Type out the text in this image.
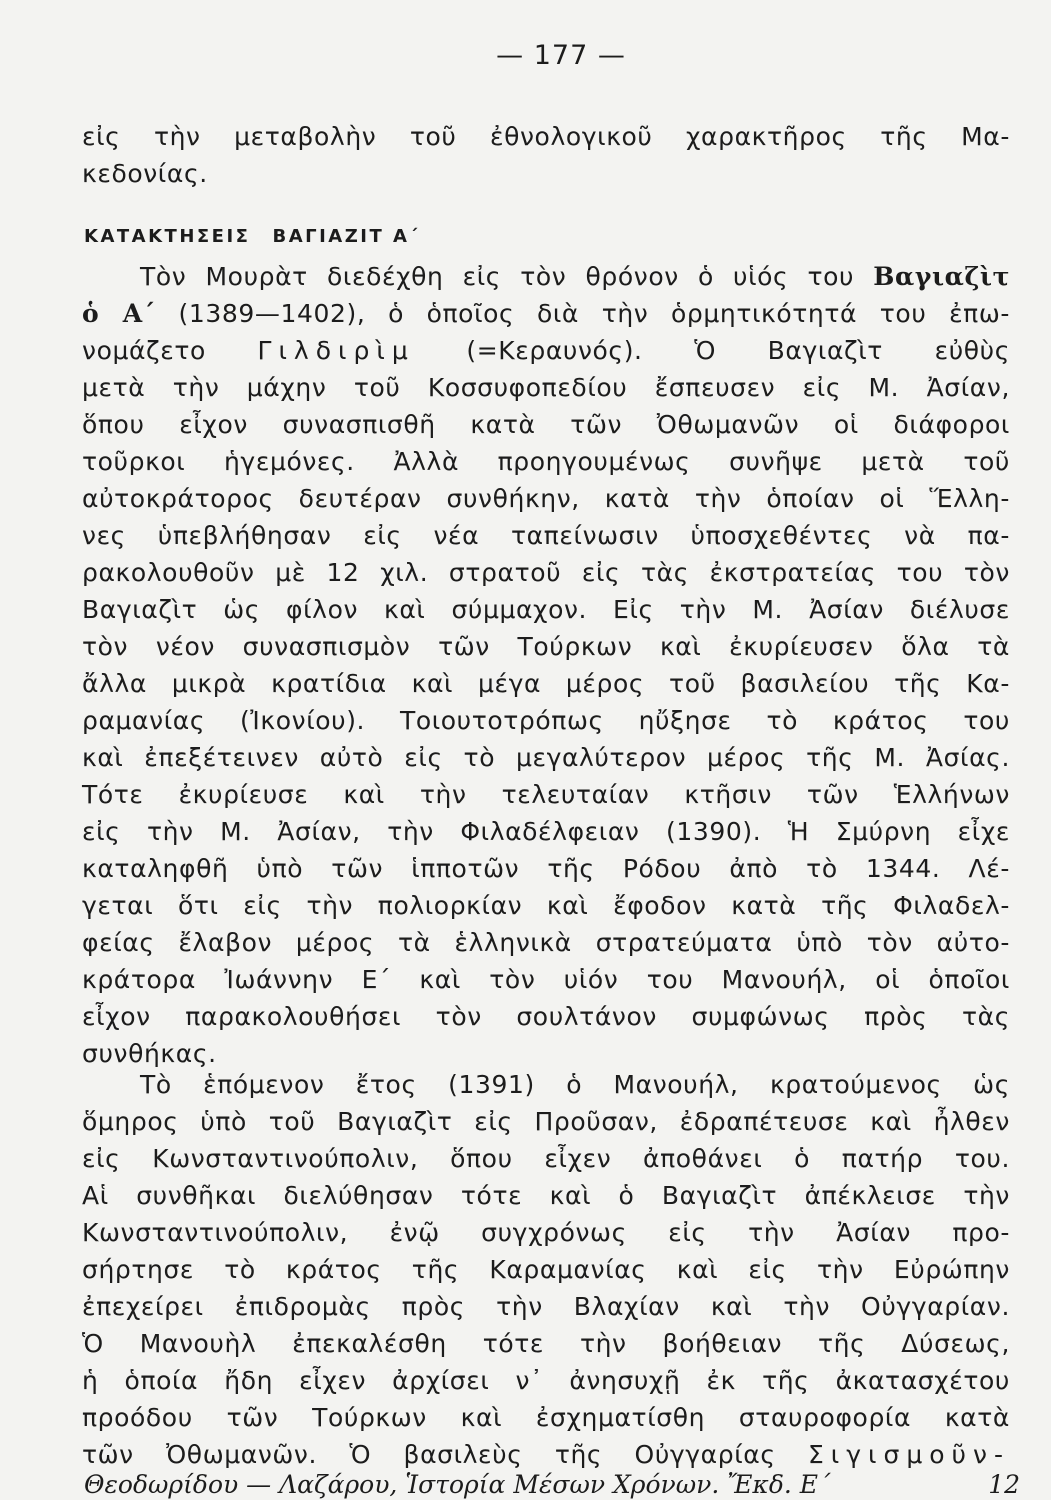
— 177 —
εἰς τὴν μεταβολὴν τοῦ ἐθνολογικοῦ χαρακτῆρος τῆς Μα-
κεδονίας.
ΚΑΤΑΚΤΗΣΕΙΣ ΒΑΓΙΑΖΙΤ Α΄
Τὸν Μουρὰτ διεδέχθη εἰς τὸν θρόνον ὁ υἱός του Βαγιαζὶτ
ὁ Α΄ (1389—1402), ὁ ὁποῖος διὰ τὴν ὁρμητικότητά του ἐπω-
νομάζετο Γιλδιρὶμ (=Κεραυνός). Ὁ Βαγιαζὶτ εὐθὺς
μετὰ τὴν μάχην τοῦ Κοσσυφοπεδίου ἔσπευσεν εἰς Μ. Ἀσίαν,
ὅπου εἶχον συνασπισθῆ κατὰ τῶν Ὀθωμανῶν οἱ διάφοροι
τοῦρκοι ἡγεμόνες. Ἀλλὰ προηγουμένως συνῆψε μετὰ τοῦ
αὐτοκράτορος δευτέραν συνθήκην, κατὰ τὴν ὁποίαν οἱ Ἕλλη-
νες ὑπεβλήθησαν εἰς νέα ταπείνωσιν ὑποσχεθέντες νὰ πα-
ρακολουθοῦν μὲ 12 χιλ. στρατοῦ εἰς τὰς ἐκστρατείας του τὸν
Βαγιαζὶτ ὡς φίλον καὶ σύμμαχον. Εἰς τὴν Μ. Ἀσίαν διέλυσε
τὸν νέον συνασπισμὸν τῶν Τούρκων καὶ ἐκυρίευσεν ὅλα τὰ
ἄλλα μικρὰ κρατίδια καὶ μέγα μέρος τοῦ βασιλείου τῆς Κα-
ραμανίας (Ἰκονίου). Τοιουτοτρόπως ηὔξησε τὸ κράτος του
καὶ ἐπεξέτεινεν αὐτὸ εἰς τὸ μεγαλύτερον μέρος τῆς Μ. Ἀσίας.
Τότε ἐκυρίευσε καὶ τὴν τελευταίαν κτῆσιν τῶν Ἑλλήνων
εἰς τὴν Μ. Ἀσίαν, τὴν Φιλαδέλφειαν (1390). Ἡ Σμύρνη εἶχε
καταληφθῆ ὑπὸ τῶν ἱπποτῶν τῆς Ρόδου ἀπὸ τὸ 1344. Λέ-
γεται ὅτι εἰς τὴν πολιορκίαν καὶ ἔφοδον κατὰ τῆς Φιλαδελ-
φείας ἔλαβον μέρος τὰ ἑλληνικὰ στρατεύματα ὑπὸ τὸν αὐτο-
κράτορα Ἰωάννην Ε΄ καὶ τὸν υἱόν του Μανουήλ, οἱ ὁποῖοι
εἶχον παρακολουθήσει τὸν σουλτάνον συμφώνως πρὸς τὰς
συνθήκας.
Τὸ ἑπόμενον ἔτος (1391) ὁ Μανουήλ, κρατούμενος ὡς
ὅμηρος ὑπὸ τοῦ Βαγιαζὶτ εἰς Προῦσαν, ἐδραπέτευσε καὶ ἦλθεν
εἰς Κωνσταντινούπολιν, ὅπου εἶχεν ἀποθάνει ὁ πατήρ του.
Αἱ συνθῆκαι διελύθησαν τότε καὶ ὁ Βαγιαζὶτ ἀπέκλεισε τὴν
Κωνσταντινούπολιν, ἐνῷ συγχρόνως εἰς τὴν Ἀσίαν προ-
σήρτησε τὸ κράτος τῆς Καραμανίας καὶ εἰς τὴν Εὐρώπην
ἐπεχείρει ἐπιδρομὰς πρὸς τὴν Βλαχίαν καὶ τὴν Οὐγγαρίαν.
Ὁ Μανουὴλ ἐπεκαλέσθη τότε τὴν βοήθειαν τῆς Δύσεως,
ἡ ὁποία ἤδη εἶχεν ἀρχίσει ν᾿ ἀνησυχῇ ἐκ τῆς ἀκατασχέτου
προόδου τῶν Τούρκων καὶ ἐσχηματίσθη σταυροφορία κατὰ
τῶν Ὀθωμανῶν. Ὁ βασιλεὺς τῆς Οὐγγαρίας Σιγισμοῦν-
Θεοδωρίδου — Λαζάρου, Ἱστορία Μέσων Χρόνων. Ἔκδ. Ε΄	12
